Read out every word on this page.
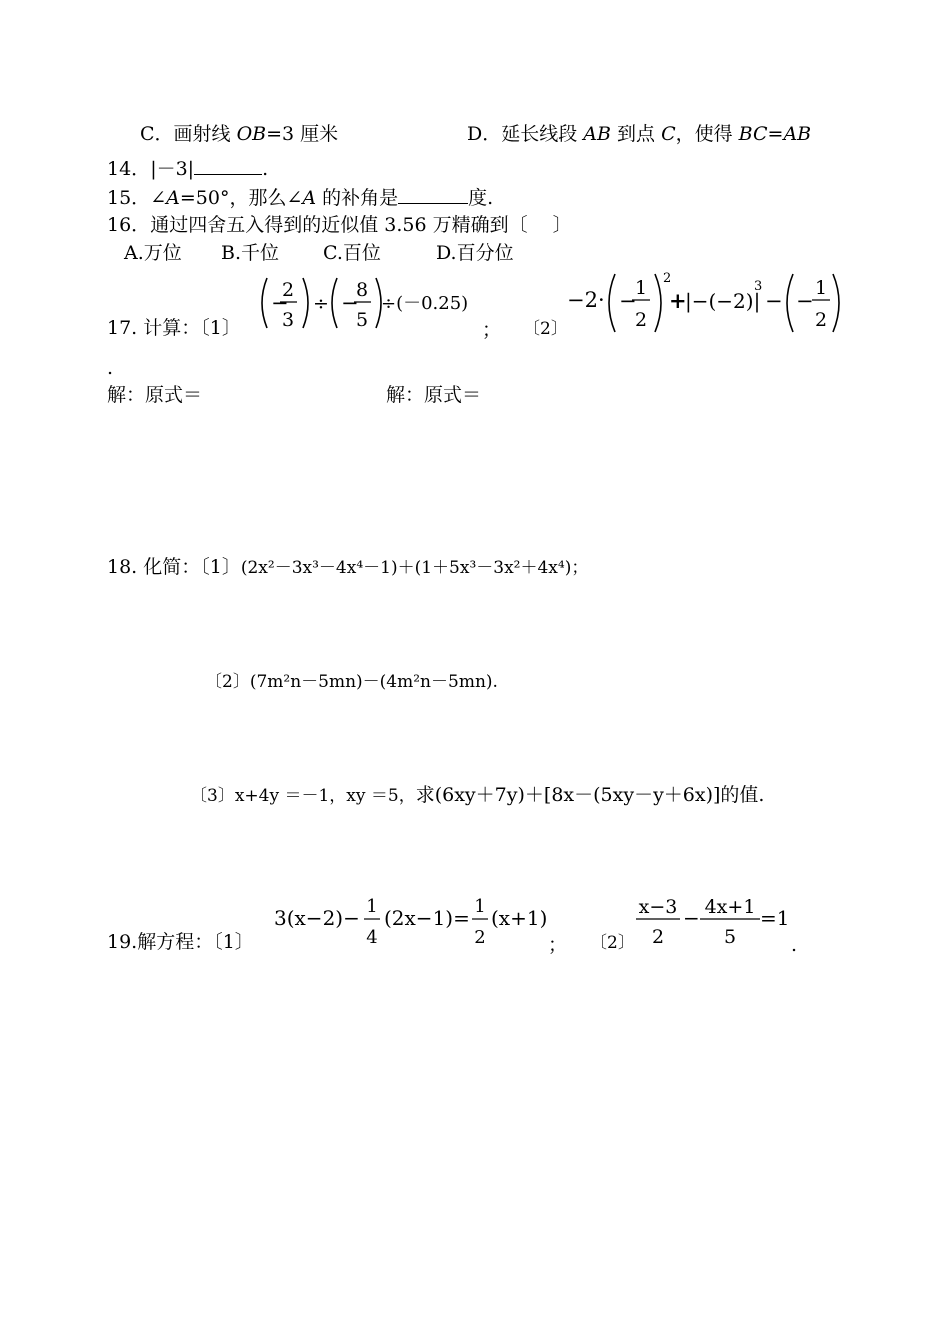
C．画射线 OB=3 厘米	D．延长线段 AB 到点 C，使得 BC=AB
14．|－3|	.
15．∠A=50°，那么∠A 的补角是	度.
16．通过四舍五入得到的近似值 3.56 万精确到〔　 〕
A.万位 B.千位 C.百位	D.百分位
17. 计算：〔1〕
−
2
3
÷ −
8
5
÷(－0.25)
； 〔2〕
−2· −
1
2
2
+
|−(−2)|
3
− −
1
2
.
解：原式＝	解：原式＝
18. 化简：〔1〕(2x²－3x³－4x⁴－1)＋(1＋5x³－3x²＋4x⁴)；
〔2〕(7m²n－5mn)－(4m²n－5mn).
〔3〕x+4y ＝－1，xy ＝5，求(6xy＋7y)＋[8x－(5xy－y＋6x)]的值.
19.解方程：〔1〕
3(x−2)− 1
4
(2x−1)= 1
2
(x+1)
； 〔2〕
x−3
2
− 4x+1
5
=1
.
